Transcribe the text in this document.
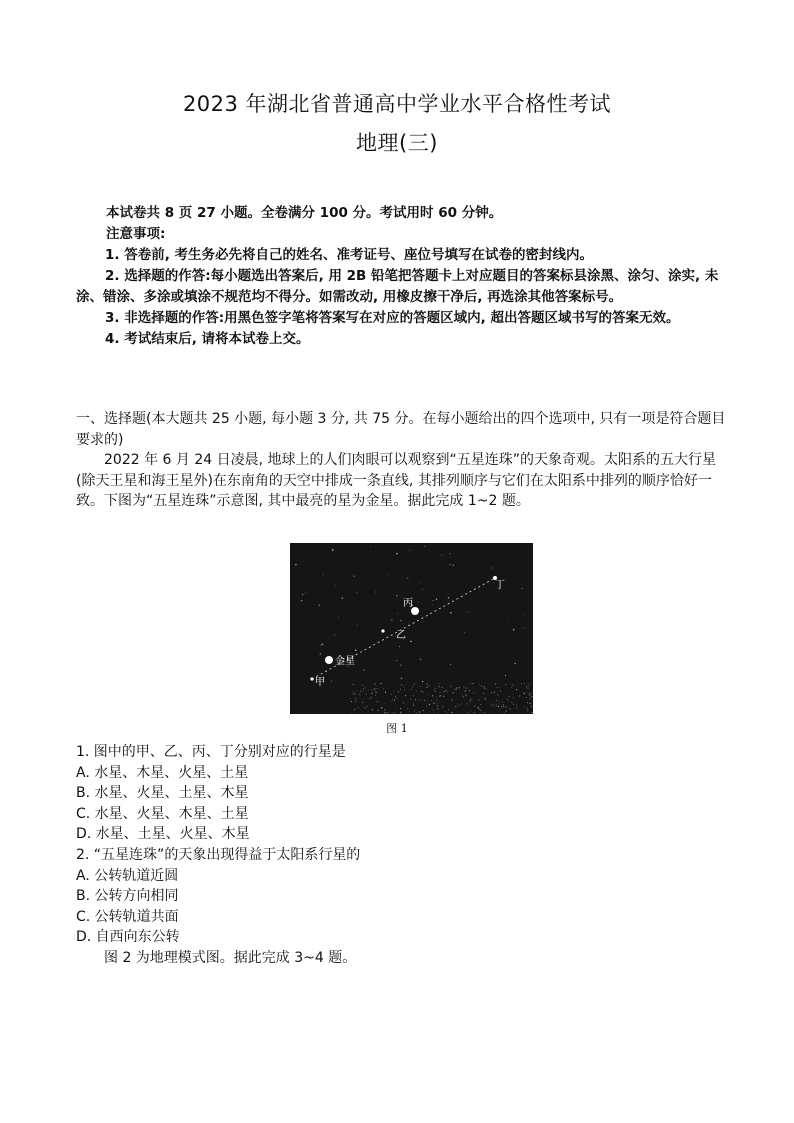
2023 年湖北省普通高中学业水平合格性考试
地理(三)

本试卷共 8 页 27 小题。全卷满分 100 分。考试用时 60 分钟。

注意事项:

1. 答卷前, 考生务必先将自己的姓名、准考证号、座位号填写在试卷的密封线内。

2. 选择题的作答:每小题选出答案后, 用 2B 铅笔把答题卡上对应题目的答案标县涂黑、涂匀、涂实, 未涂、错涂、多涂或填涂不规范均不得分。如需改动, 用橡皮擦干净后, 再选涂其他答案标号。

3. 非选择题的作答:用黑色签字笔将答案写在对应的答题区域内, 超出答题区域书写的答案无效。

4. 考试结束后, 请将本试卷上交。

一、选择题(本大题共 25 小题, 每小题 3 分, 共 75 分。在每小题给出的四个选项中, 只有一项是符合题目要求的)

2022 年 6 月 24 日凌晨, 地球上的人们肉眼可以观察到“五星连珠”的天象奇观。太阳系的五大行星(除天王星和海王星外)在东南角的天空中排成一条直线, 其排列顺序与它们在太阳系中排列的顺序恰好一致。下图为“五星连珠”示意图, 其中最亮的星为金星。据此完成 1~2 题。

甲
金星
乙
丙
丁
图 1

1. 图中的甲、乙、丙、丁分别对应的行星是

A. 水星、木星、火星、土星

B. 水星、火星、土星、木星

C. 水星、火星、木星、土星

D. 水星、土星、火星、木星

2. “五星连珠”的天象出现得益于太阳系行星的

A. 公转轨道近圆

B. 公转方向相同

C. 公转轨道共面

D. 自西向东公转

图 2 为地理模式图。据此完成 3~4 题。
